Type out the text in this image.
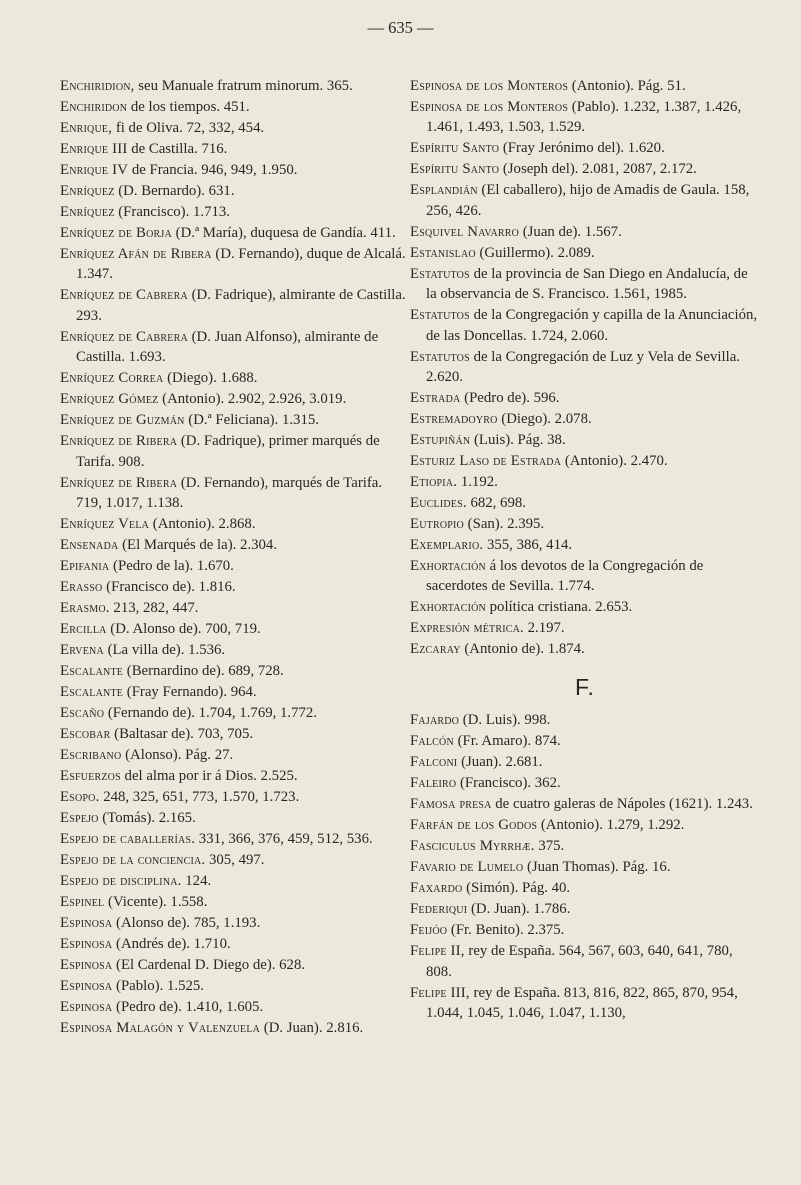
— 635 —
Enchiridion, seu Manuale fratrum minorum. 365.
Enchiridon de los tiempos. 451.
Enrique, fi de Oliva. 72, 332, 454.
Enrique III de Castilla. 716.
Enrique IV de Francia. 946, 949, 1.950.
Enríquez (D. Bernardo). 631.
Enríquez (Francisco). 1.713.
Enríquez de Borja (D.ª María), duquesa de Gandía. 411.
Enríquez Afán de Ribera (D. Fernando), duque de Alcalá. 1.347.
Enríquez de Cabrera (D. Fadrique), almirante de Castilla. 293.
Enríquez de Cabrera (D. Juan Alfonso), almirante de Castilla. 1.693.
Enríquez Correa (Diego). 1.688.
Enríquez Gómez (Antonio). 2.902, 2.926, 3.019.
Enríquez de Guzmán (D.ª Feliciana). 1.315.
Enríquez de Ribera (D. Fadrique), primer marqués de Tarifa. 908.
Enríquez de Ribera (D. Fernando), marqués de Tarifa. 719, 1.017, 1.138.
Enríquez Vela (Antonio). 2.868.
Ensenada (El Marqués de la). 2.304.
Epifania (Pedro de la). 1.670.
Erasso (Francisco de). 1.816.
Erasmo. 213, 282, 447.
Ercilla (D. Alonso de). 700, 719.
Ervena (La villa de). 1.536.
Escalante (Bernardino de). 689, 728.
Escalante (Fray Fernando). 964.
Escaño (Fernando de). 1.704, 1.769, 1.772.
Escobar (Baltasar de). 703, 705.
Escribano (Alonso). Pág. 27.
Esfuerzos del alma por ir á Dios. 2.525.
Esopo. 248, 325, 651, 773, 1.570, 1.723.
Espejo (Tomás). 2.165.
Espejo de caballerías. 331, 366, 376, 459, 512, 536.
Espejo de la conciencia. 305, 497.
Espejo de disciplina. 124.
Espinel (Vicente). 1.558.
Espinosa (Alonso de). 785, 1.193.
Espinosa (Andrés de). 1.710.
Espinosa (El Cardenal D. Diego de). 628.
Espinosa (Pablo). 1.525.
Espinosa (Pedro de). 1.410, 1.605.
Espinosa Malagón y Valenzuela (D. Juan). 2.816.
Espinosa de los Monteros (Antonio). Pág. 51.
Espinosa de los Monteros (Pablo). 1.232, 1.387, 1.426, 1.461, 1.493, 1.503, 1.529.
Espíritu Santo (Fray Jerónimo del). 1.620.
Espíritu Santo (Joseph del). 2.081, 2087, 2.172.
Esplandián (El caballero), hijo de Amadis de Gaula. 158, 256, 426.
Esquivel Navarro (Juan de). 1.567.
Estanislao (Guillermo). 2.089.
Estatutos de la provincia de San Diego en Andalucía, de la observancia de S. Francisco. 1.561, 1985.
Estatutos de la Congregación y capilla de la Anunciación, de las Doncellas. 1.724, 2.060.
Estatutos de la Congregación de Luz y Vela de Sevilla. 2.620.
Estrada (Pedro de). 596.
Estremadoyro (Diego). 2.078.
Estupiñán (Luis). Pág. 38.
Esturiz Laso de Estrada (Antonio). 2.470.
Etiopia. 1.192.
Euclides. 682, 698.
Eutropio (San). 2.395.
Exemplario. 355, 386, 414.
Exhortación á los devotos de la Congregación de sacerdotes de Sevilla. 1.774.
Exhortación política cristiana. 2.653.
Expresión métrica. 2.197.
Ezcaray (Antonio de). 1.874.
F.
Fajardo (D. Luis). 998.
Falcón (Fr. Amaro). 874.
Falconi (Juan). 2.681.
Faleiro (Francisco). 362.
Famosa presa de cuatro galeras de Nápoles (1621). 1.243.
Farfán de los Godos (Antonio). 1.279, 1.292.
Fasciculus Myrrhæ. 375.
Favario de Lumelo (Juan Thomas). Pág. 16.
Faxardo (Simón). Pág. 40.
Federiqui (D. Juan). 1.786.
Feijóo (Fr. Benito). 2.375.
Felipe II, rey de España. 564, 567, 603, 640, 641, 780, 808.
Felipe III, rey de España. 813, 816, 822, 865, 870, 954, 1.044, 1.045, 1.046, 1.047, 1.130,
